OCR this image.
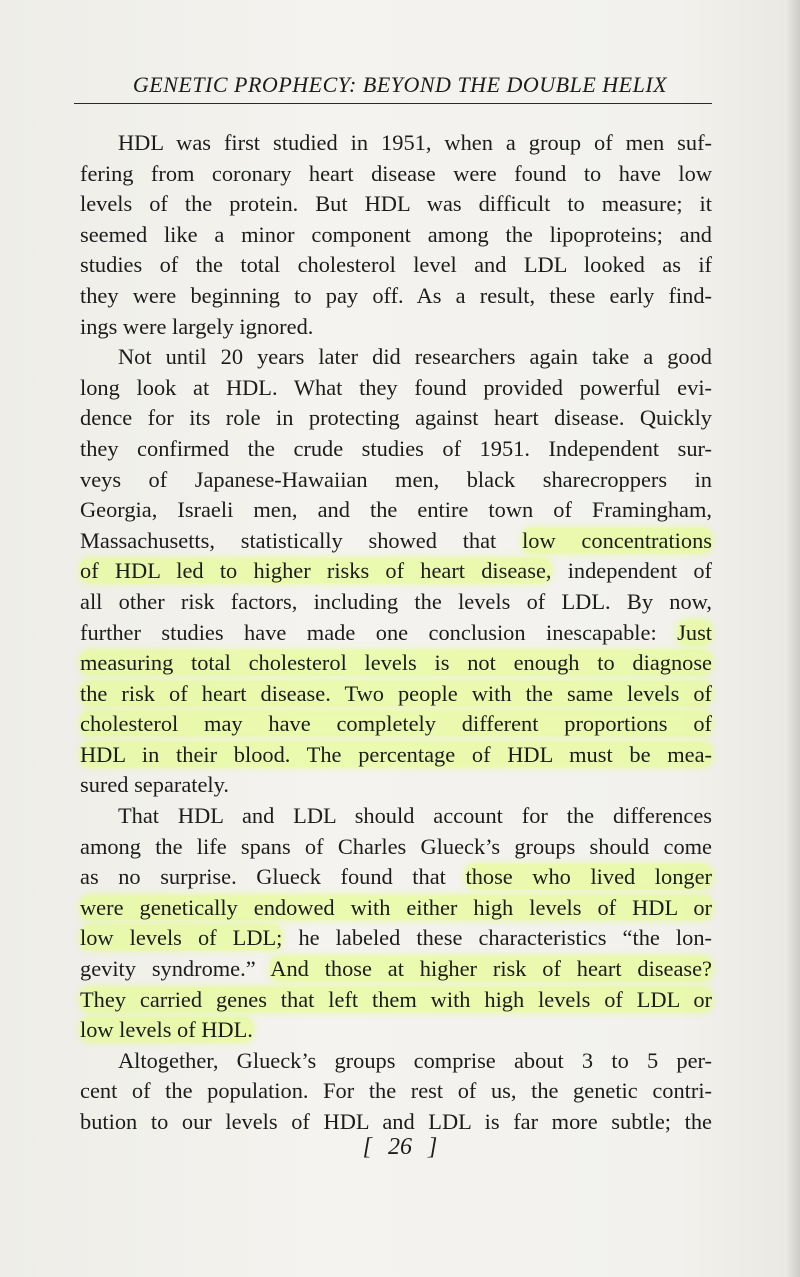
GENETIC PROPHECY: BEYOND THE DOUBLE HELIX
HDL was first studied in 1951, when a group of men suf-
fering from coronary heart disease were found to have low
levels of the protein. But HDL was difficult to measure; it
seemed like a minor component among the lipoproteins; and
studies of the total cholesterol level and LDL looked as if
they were beginning to pay off. As a result, these early find-
ings were largely ignored.
Not until 20 years later did researchers again take a good
long look at HDL. What they found provided powerful evi-
dence for its role in protecting against heart disease. Quickly
they confirmed the crude studies of 1951. Independent sur-
veys of Japanese-Hawaiian men, black sharecroppers in
Georgia, Israeli men, and the entire town of Framingham,
Massachusetts, statistically showed that low concentrations
of HDL led to higher risks of heart disease, independent of
all other risk factors, including the levels of LDL. By now,
further studies have made one conclusion inescapable: Just
measuring total cholesterol levels is not enough to diagnose
the risk of heart disease. Two people with the same levels of
cholesterol may have completely different proportions of
HDL in their blood. The percentage of HDL must be mea-
sured separately.
That HDL and LDL should account for the differences
among the life spans of Charles Glueck’s groups should come
as no surprise. Glueck found that those who lived longer
were genetically endowed with either high levels of HDL or
low levels of LDL; he labeled these characteristics “the lon-
gevity syndrome.” And those at higher risk of heart disease?
They carried genes that left them with high levels of LDL or
low levels of HDL.
Altogether, Glueck’s groups comprise about 3 to 5 per-
cent of the population. For the rest of us, the genetic contri-
bution to our levels of HDL and LDL is far more subtle; the
[ 26 ]
